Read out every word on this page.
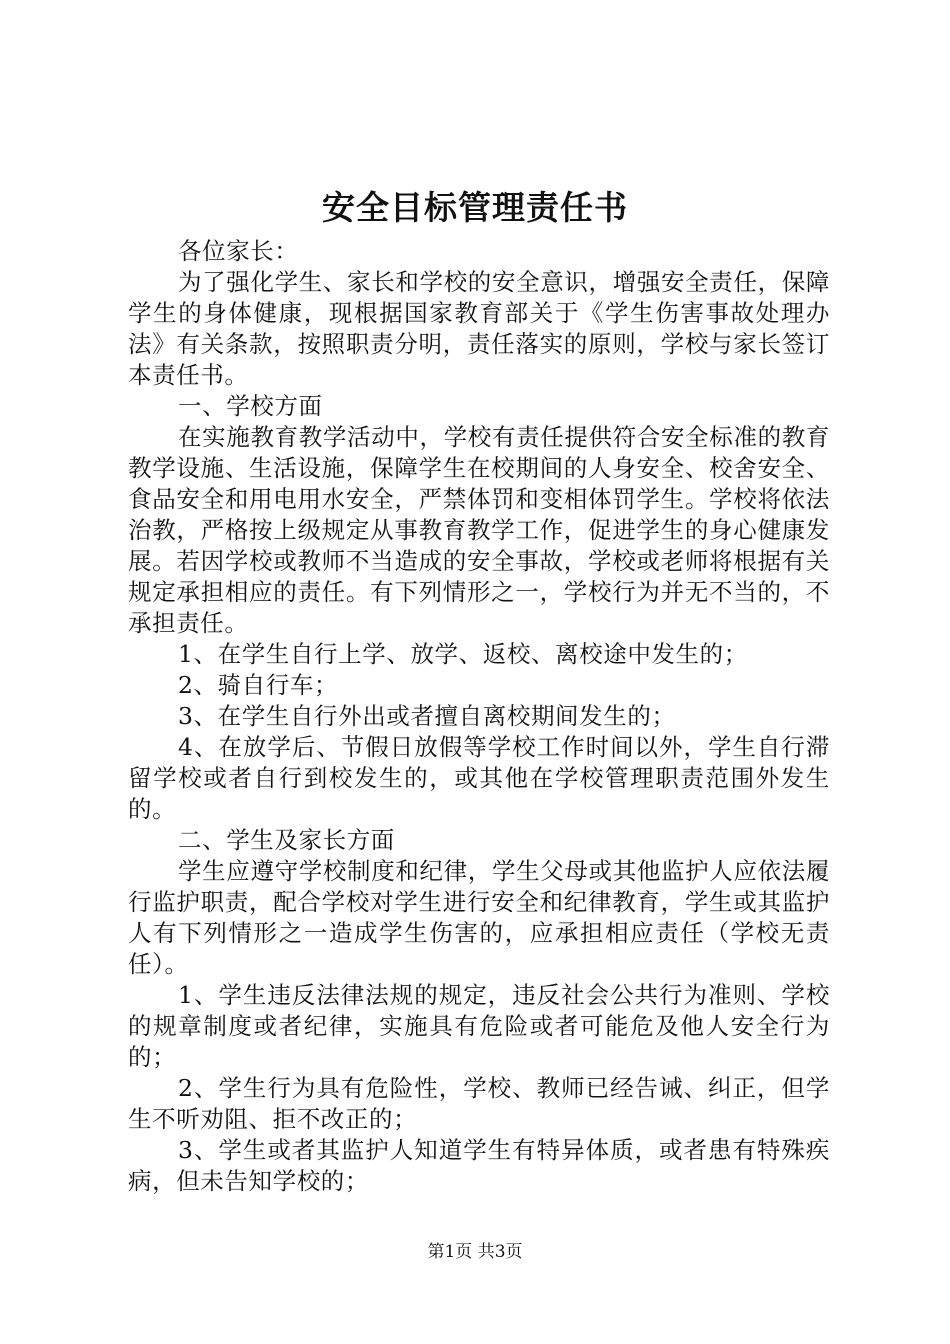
安全目标管理责任书

各位家长：

为了强化学生、家长和学校的安全意识，增强安全责任，保障学生的身体健康，现根据国家教育部关于《学生伤害事故处理办法》有关条款，按照职责分明，责任落实的原则，学校与家长签订本责任书。

一、学校方面

在实施教育教学活动中，学校有责任提供符合安全标准的教育教学设施、生活设施，保障学生在校期间的人身安全、校舍安全、食品安全和用电用水安全，严禁体罚和变相体罚学生。学校将依法治教，严格按上级规定从事教育教学工作，促进学生的身心健康发展。若因学校或教师不当造成的安全事故，学校或老师将根据有关规定承担相应的责任。有下列情形之一，学校行为并无不当的，不承担责任。

1、在学生自行上学、放学、返校、离校途中发生的；

2、骑自行车；

3、在学生自行外出或者擅自离校期间发生的；

4、在放学后、节假日放假等学校工作时间以外，学生自行滞留学校或者自行到校发生的，或其他在学校管理职责范围外发生的。

二、学生及家长方面

学生应遵守学校制度和纪律，学生父母或其他监护人应依法履行监护职责，配合学校对学生进行安全和纪律教育，学生或其监护人有下列情形之一造成学生伤害的，应承担相应责任（学校无责任）。

1、学生违反法律法规的规定，违反社会公共行为准则、学校的规章制度或者纪律，实施具有危险或者可能危及他人安全行为的；

2、学生行为具有危险性，学校、教师已经告诫、纠正，但学生不听劝阻、拒不改正的；

3、学生或者其监护人知道学生有特异体质，或者患有特殊疾病，但未告知学校的；

第1页 共3页
